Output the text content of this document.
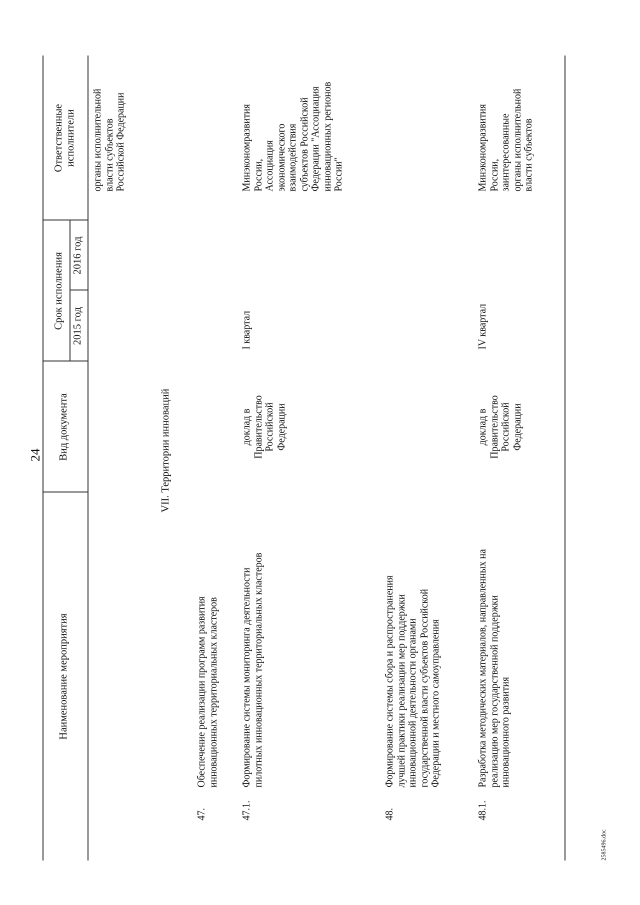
24
Наименование мероприятия
Вид документа
Срок исполнения 2015 год
2016 год
Ответственные
исполнители
органы исполнительной
власти субъектов
Российской Федерации
VII. Территории инноваций
47.
Обеспечение реализации программ развития
инновационных территориальных кластеров
47.1.
Формирование системы мониторинга деятельности
пилотных инновационных территориальных кластеров
доклад в
Правительство
Российской
Федерации
I квартал
Минэкономразвития
России,
Ассоциация
экономического
взаимодействия
субъектов Российской
Федерации "Ассоциация
инновационных регионов
России"
48.
Формирование системы сбора и распространения
лучшей практики реализации мер поддержки
инновационной деятельности органами
государственной власти субъектов Российской
Федерации и местного самоуправления
48.1.
Разработка методических материалов, направленных на
реализацию мер государственной поддержки
инновационного развития
доклад в
Правительство
Российской
Федерации
IV квартал
Минэкономразвития
России,
заинтересованные
органы исполнительной
власти субъектов
2585496.doc
